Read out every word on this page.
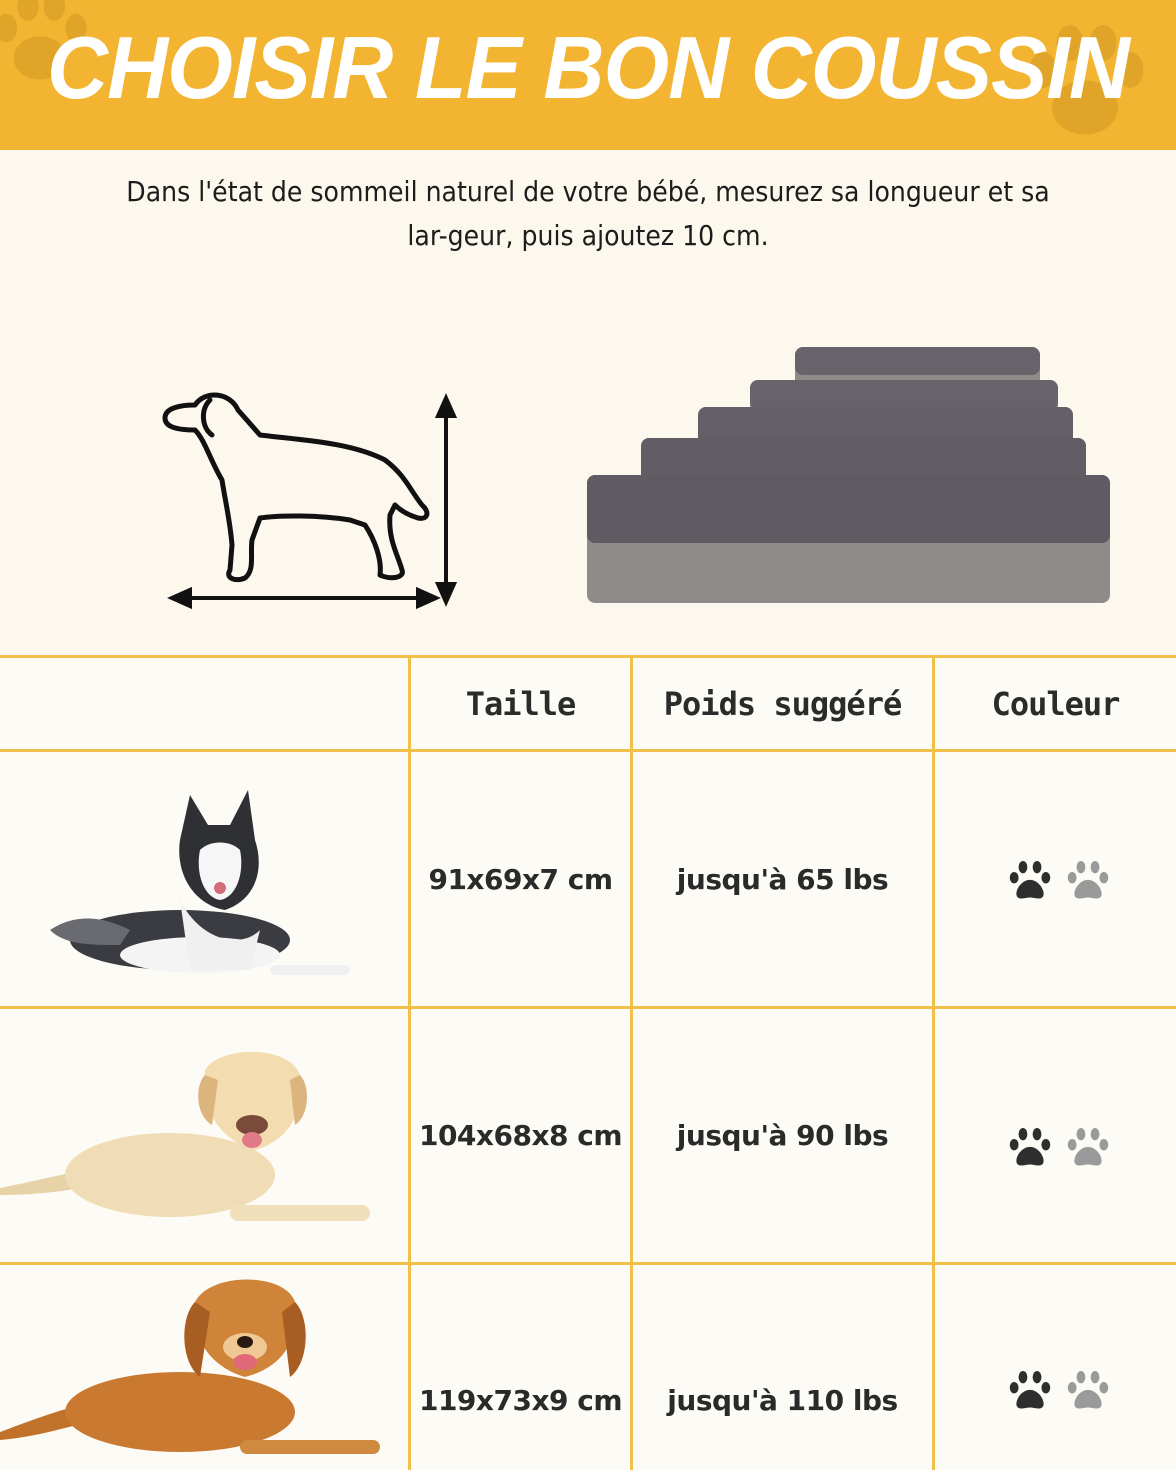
CHOISIR LE BON COUSSIN
Dans l'état de sommeil naturel de votre bébé, mesurez sa longueur et sa lar-geur, puis ajoutez 10 cm.
Taille	Poids suggéré	Couleur
91x69x7 cm	jusqu'à 65 lbs
104x68x8 cm	jusqu'à 90 lbs
119x73x9 cm	jusqu'à 110 lbs
